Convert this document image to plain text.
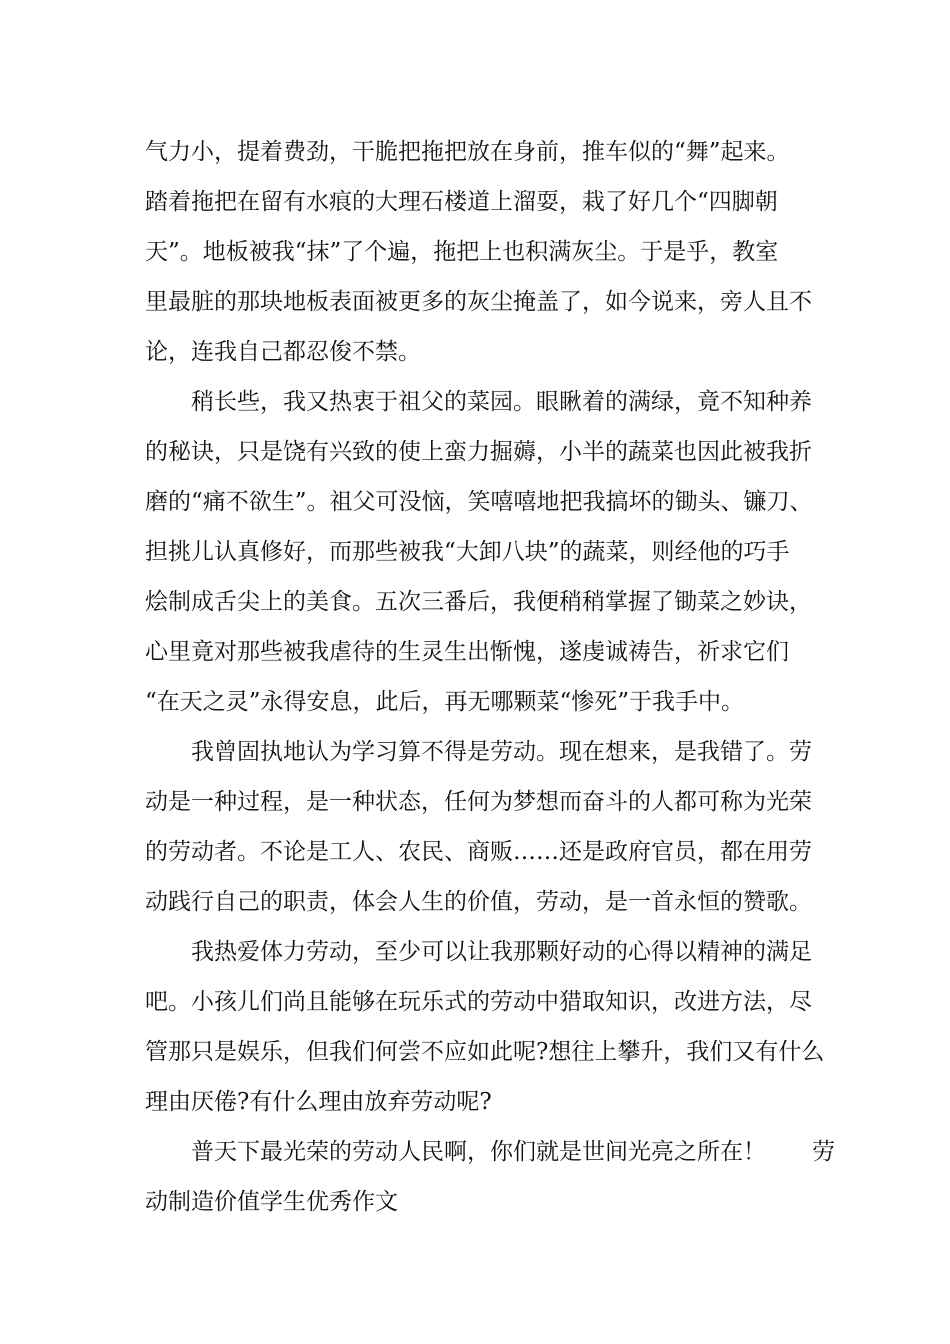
气力小，提着费劲，干脆把拖把放在身前，推车似的“舞”起来。
踏着拖把在留有水痕的大理石楼道上溜耍，栽了好几个“四脚朝
天”。地板被我“抹”了个遍，拖把上也积满灰尘。于是乎，教室
里最脏的那块地板表面被更多的灰尘掩盖了，如今说来，旁人且不
论，连我自己都忍俊不禁。
　　稍长些，我又热衷于祖父的菜园。眼瞅着的满绿，竟不知种养
的秘诀，只是饶有兴致的使上蛮力掘薅，小半的蔬菜也因此被我折
磨的“痛不欲生”。祖父可没恼，笑嘻嘻地把我搞坏的锄头、镰刀、
担挑儿认真修好，而那些被我“大卸八块”的蔬菜，则经他的巧手
烩制成舌尖上的美食。五次三番后，我便稍稍掌握了锄菜之妙诀，
心里竟对那些被我虐待的生灵生出惭愧，遂虔诚祷告，祈求它们
“在天之灵”永得安息，此后，再无哪颗菜“惨死”于我手中。
　　我曾固执地认为学习算不得是劳动。现在想来，是我错了。劳
动是一种过程，是一种状态，任何为梦想而奋斗的人都可称为光荣
的劳动者。不论是工人、农民、商贩……还是政府官员，都在用劳
动践行自己的职责，体会人生的价值，劳动，是一首永恒的赞歌。
　　我热爱体力劳动，至少可以让我那颗好动的心得以精神的满足
吧。小孩儿们尚且能够在玩乐式的劳动中猎取知识，改进方法，尽
管那只是娱乐，但我们何尝不应如此呢?想往上攀升，我们又有什么
理由厌倦?有什么理由放弃劳动呢?
　　普天下最光荣的劳动人民啊，你们就是世间光亮之所在！　　劳
动制造价值学生优秀作文
